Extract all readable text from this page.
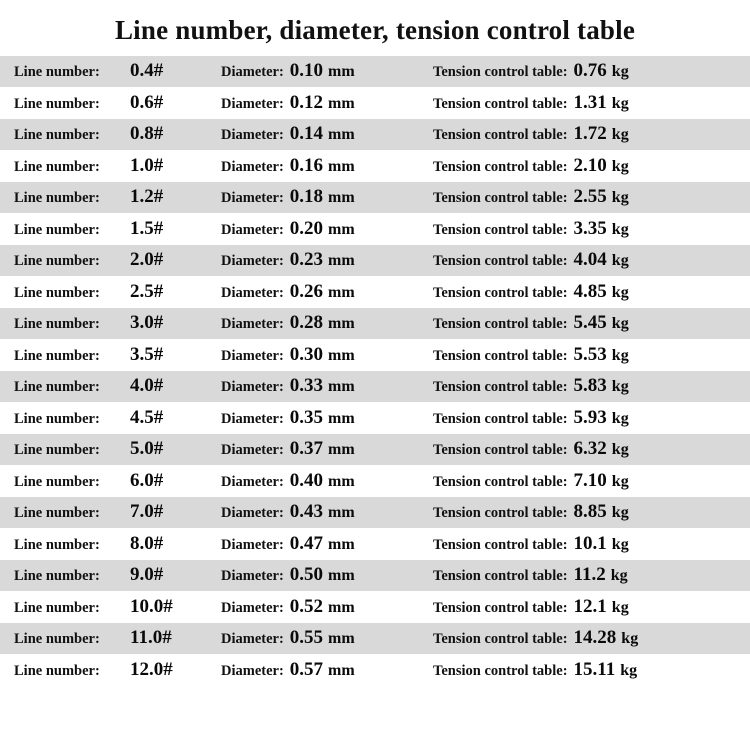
Line number, diameter, tension control table
Line number:	0.4#	Diameter: 0.10 mm	Tension control table: 0.76 kg
Line number:	0.6#	Diameter: 0.12 mm	Tension control table: 1.31 kg
Line number:	0.8#	Diameter: 0.14 mm	Tension control table: 1.72 kg
Line number:	1.0#	Diameter: 0.16 mm	Tension control table: 2.10 kg
Line number:	1.2#	Diameter: 0.18 mm	Tension control table: 2.55 kg
Line number:	1.5#	Diameter: 0.20 mm	Tension control table: 3.35 kg
Line number:	2.0#	Diameter: 0.23 mm	Tension control table: 4.04 kg
Line number:	2.5#	Diameter: 0.26 mm	Tension control table: 4.85 kg
Line number:	3.0#	Diameter: 0.28 mm	Tension control table: 5.45 kg
Line number:	3.5#	Diameter: 0.30 mm	Tension control table: 5.53 kg
Line number:	4.0#	Diameter: 0.33 mm	Tension control table: 5.83 kg
Line number:	4.5#	Diameter: 0.35 mm	Tension control table: 5.93 kg
Line number:	5.0#	Diameter: 0.37 mm	Tension control table: 6.32 kg
Line number:	6.0#	Diameter: 0.40 mm	Tension control table: 7.10 kg
Line number:	7.0#	Diameter: 0.43 mm	Tension control table: 8.85 kg
Line number:	8.0#	Diameter: 0.47 mm	Tension control table: 10.1 kg
Line number:	9.0#	Diameter: 0.50 mm	Tension control table: 11.2 kg
Line number:	10.0#	Diameter: 0.52 mm	Tension control table: 12.1 kg
Line number:	11.0#	Diameter: 0.55 mm	Tension control table: 14.28 kg
Line number:	12.0#	Diameter: 0.57 mm	Tension control table: 15.11 kg
